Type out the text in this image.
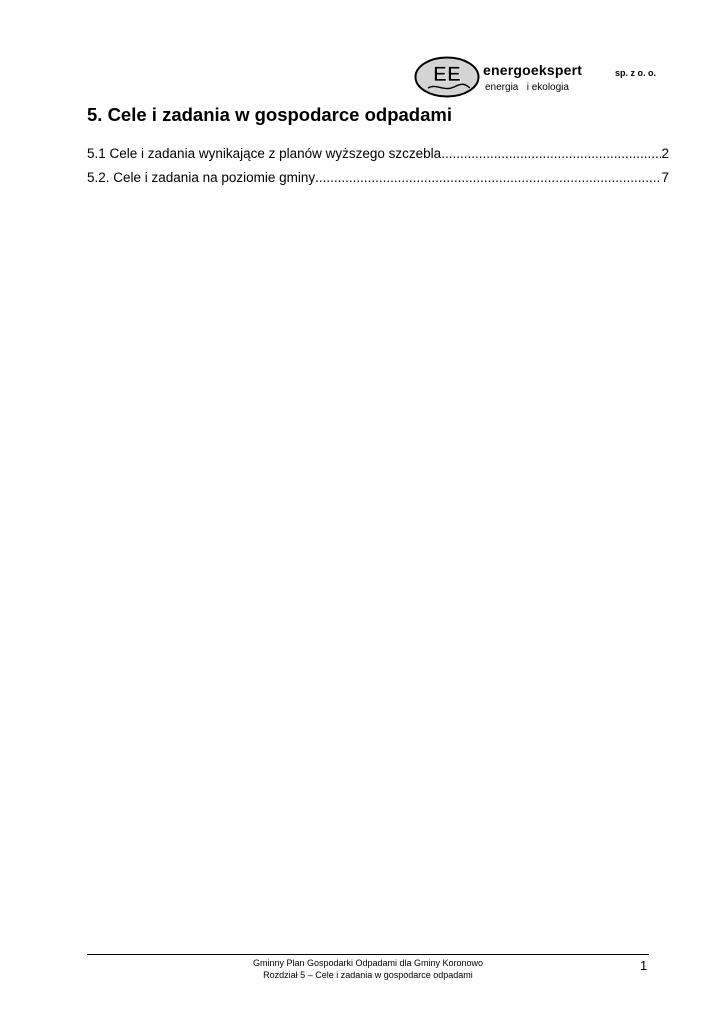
EE energoekspert	sp. z o. o.
energia   i ekologia
5. Cele i zadania w gospodarce odpadami
5.1 Cele i zadania wynikające z planów wyższego szczebla .....	2
5.2. Cele i zadania na poziomie gminy .....	7
Gminny Plan Gospodarki Odpadami dla Gminy Koronowo
Rozdział 5 – Cele i zadania w gospodarce odpadami
1
